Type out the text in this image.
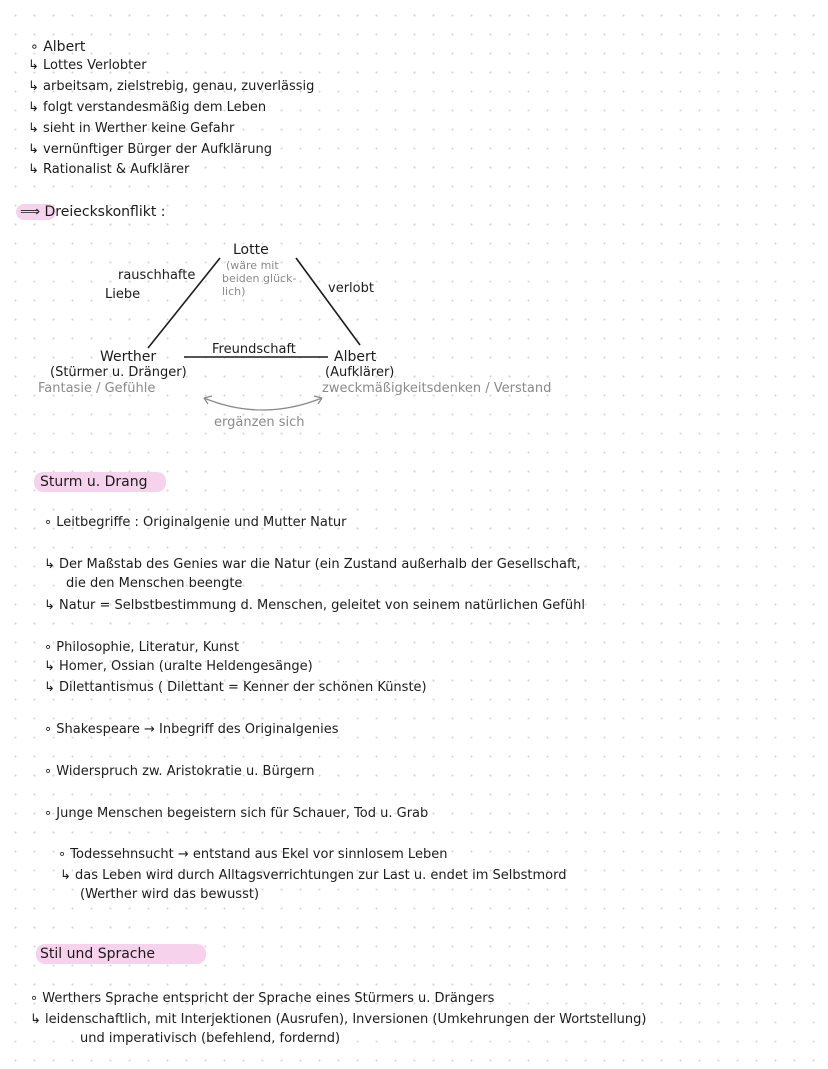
∘ Albert
↳ Lottes Verlobter
↳ arbeitsam, zielstrebig, genau, zuverlässig
↳ folgt verstandesmäßig dem Leben
↳ sieht in Werther keine Gefahr
↳ vernünftiger Bürger der Aufklärung
↳ Rationalist & Aufklärer
⟹ Dreieckskonflikt :
Lotte
(wäre mit
beiden glück-
lich)
rauschhafte
Liebe	verlobt
Freundschaft
Werther
(Stürmer u. Dränger)
Fantasie / Gefühle
Albert
(Aufklärer)
zweckmäßigkeitsdenken / Verstand
ergänzen sich
Sturm u. Drang
∘ Leitbegriffe : Originalgenie und Mutter Natur
↳ Der Maßstab des Genies war die Natur (ein Zustand außerhalb der Gesellschaft,
die den Menschen beengte
↳ Natur = Selbstbestimmung d. Menschen, geleitet von seinem natürlichen Gefühl
∘ Philosophie, Literatur, Kunst
↳ Homer, Ossian (uralte Heldengesänge)
↳ Dilettantismus ( Dilettant = Kenner der schönen Künste)
∘ Shakespeare → Inbegriff des Originalgenies
∘ Widerspruch zw. Aristokratie u. Bürgern
∘ Junge Menschen begeistern sich für Schauer, Tod u. Grab
∘ Todessehnsucht → entstand aus Ekel vor sinnlosem Leben
↳ das Leben wird durch Alltagsverrichtungen zur Last u. endet im Selbstmord
(Werther wird das bewusst)
Stil und Sprache
∘ Werthers Sprache entspricht der Sprache eines Stürmers u. Drängers
↳ leidenschaftlich, mit Interjektionen (Ausrufen), Inversionen (Umkehrungen der Wortstellung)
und imperativisch (befehlend, fordernd)
